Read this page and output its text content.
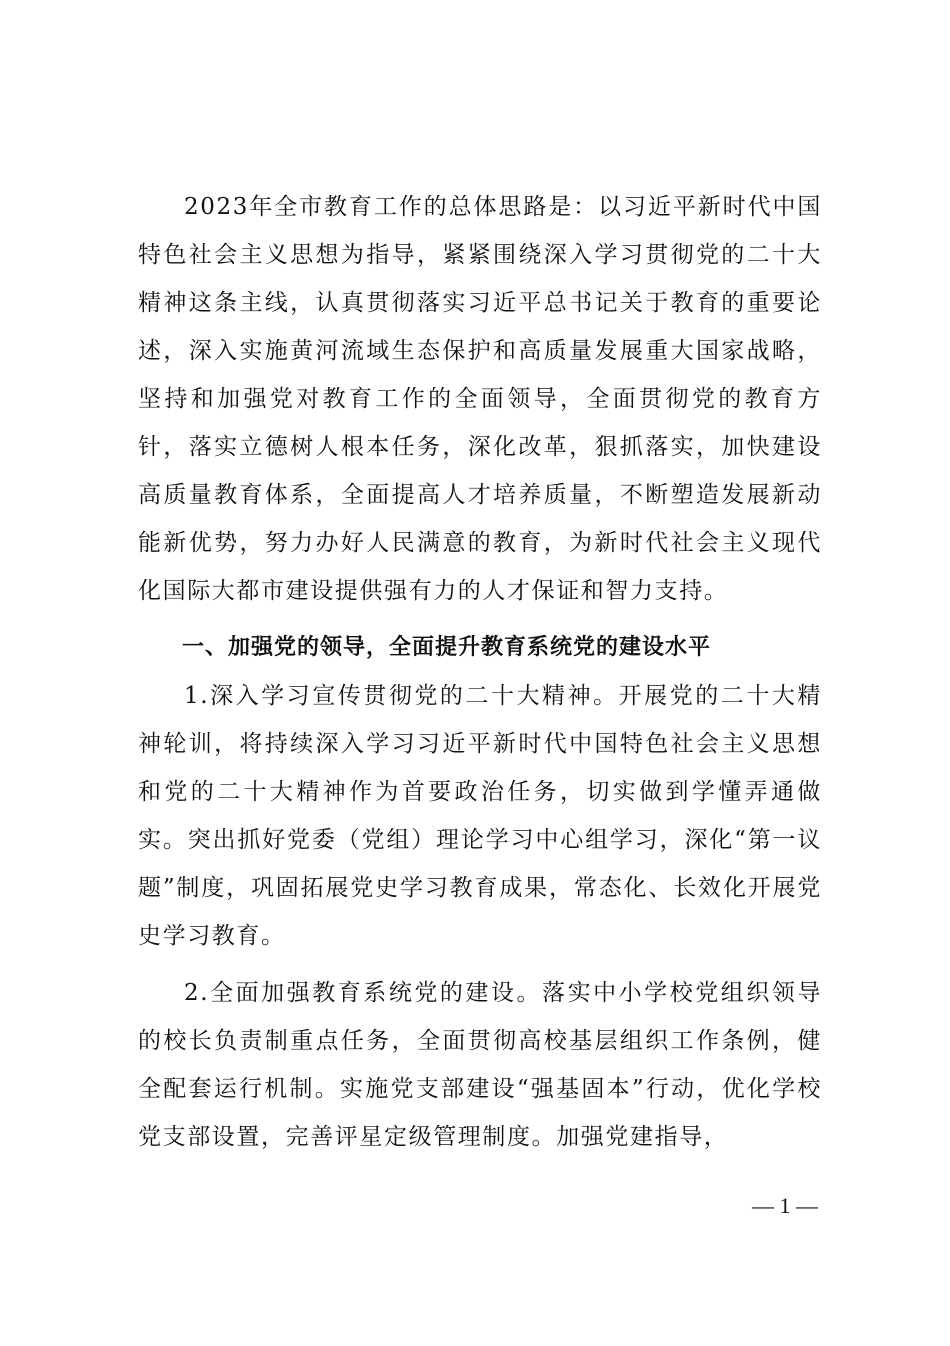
2023年全市教育工作的总体思路是：以习近平新时代中国特色社会主义思想为指导，紧紧围绕深入学习贯彻党的二十大精神这条主线，认真贯彻落实习近平总书记关于教育的重要论述，深入实施黄河流域生态保护和高质量发展重大国家战略，坚持和加强党对教育工作的全面领导，全面贯彻党的教育方针，落实立德树人根本任务，深化改革，狠抓落实，加快建设高质量教育体系，全面提高人才培养质量，不断塑造发展新动能新优势，努力办好人民满意的教育，为新时代社会主义现代化国际大都市建设提供强有力的人才保证和智力支持。

一、加强党的领导，全面提升教育系统党的建设水平

1.深入学习宣传贯彻党的二十大精神。开展党的二十大精神轮训，将持续深入学习习近平新时代中国特色社会主义思想和党的二十大精神作为首要政治任务，切实做到学懂弄通做实。突出抓好党委（党组）理论学习中心组学习，深化“第一议题”制度，巩固拓展党史学习教育成果，常态化、长效化开展党史学习教育。

2.全面加强教育系统党的建设。落实中小学校党组织领导的校长负责制重点任务，全面贯彻高校基层组织工作条例，健全配套运行机制。实施党支部建设“强基固本”行动，优化学校党支部设置，完善评星定级管理制度。加强党建指导，

— 1 —
